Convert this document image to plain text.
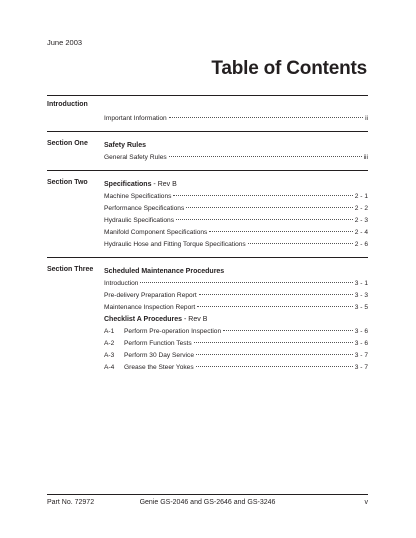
June 2003
Table of Contents
Introduction
Important Information	ii
Section One Safety Rules
General Safety Rules	iii
Section Two Specifications - Rev B
Machine Specifications	2 - 1
Performance Specifications	2 - 2
Hydraulic Specifications	2 - 3
Manifold Component Specifications	2 - 4
Hydraulic Hose and Fitting Torque Specifications	2 - 6
Section Three Scheduled Maintenance Procedures
Introduction	3 - 1
Pre-delivery Preparation Report	3 - 3
Maintenance Inspection Report	3 - 5
Checklist A Procedures - Rev B
A-1 Perform Pre-operation Inspection	3 - 6
A-2 Perform Function Tests	3 - 6
A-3 Perform 30 Day Service	3 - 7
A-4 Grease the Steer Yokes	3 - 7
Part No. 72972	Genie GS-2046 and GS-2646 and GS-3246	v
